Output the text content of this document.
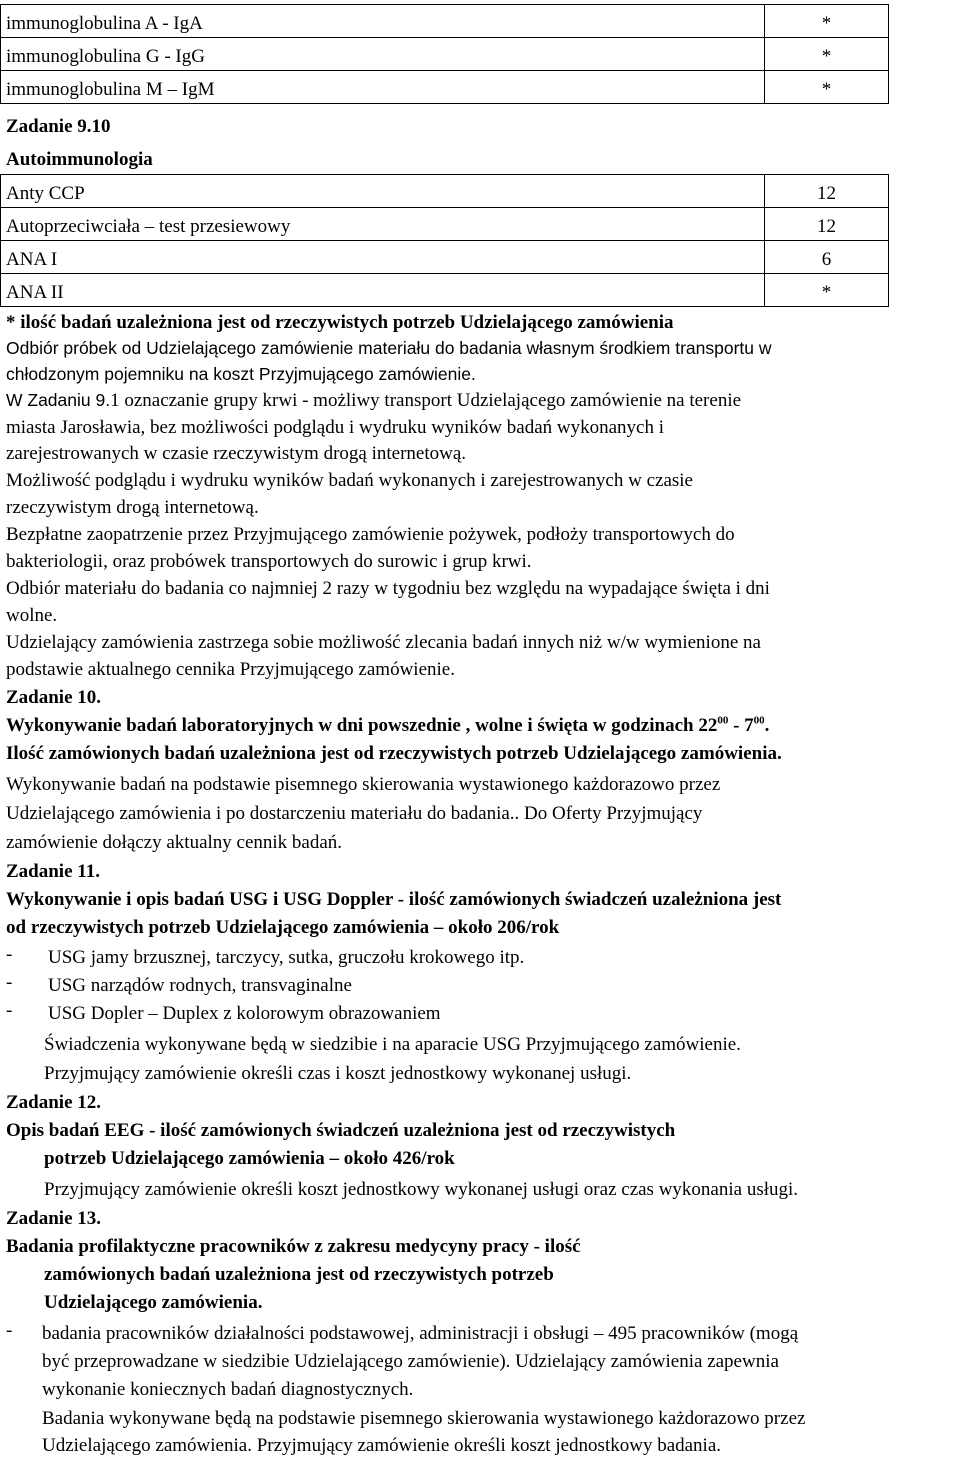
immunoglobulina A - IgA	*
immunoglobulina G - IgG	*
immunoglobulina M – IgM	*
Zadanie 9.10
Autoimmunologia
Anty CCP	12
Autoprzeciwciała – test przesiewowy	12
ANA I	6
ANA II	*
* ilość badań uzależniona jest od rzeczywistych potrzeb Udzielającego zamówienia
Odbiór próbek od Udzielającego zamówienie materiału do badania własnym środkiem transportu w
chłodzonym pojemniku na koszt Przyjmującego zamówienie.
W Zadaniu 9.1 oznaczanie grupy krwi - możliwy transport Udzielającego zamówienie na terenie
miasta Jarosławia, bez możliwości podglądu i wydruku wyników badań wykonanych i
zarejestrowanych w czasie rzeczywistym drogą internetową.
Możliwość podglądu i wydruku wyników badań wykonanych i zarejestrowanych w czasie
rzeczywistym drogą internetową.
Bezpłatne zaopatrzenie przez Przyjmującego zamówienie pożywek, podłoży transportowych do
bakteriologii, oraz probówek transportowych do surowic i grup krwi.
Odbiór materiału do badania co najmniej 2 razy w tygodniu bez względu na wypadające święta i dni
wolne.
Udzielający zamówienia zastrzega sobie możliwość zlecania badań innych niż w/w wymienione na
podstawie aktualnego cennika Przyjmującego zamówienie.
Zadanie 10.
Wykonywanie badań laboratoryjnych w dni powszednie , wolne i święta w godzinach $22^{00} - 7^{00}$.
Ilość zamówionych badań uzależniona jest od rzeczywistych potrzeb Udzielającego zamówienia.
Wykonywanie badań na podstawie pisemnego skierowania wystawionego każdorazowo przez
Udzielającego zamówienia i po dostarczeniu materiału do badania.. Do Oferty Przyjmujący
zamówienie dołączy aktualny cennik badań.
Zadanie 11.
Wykonywanie i opis badań USG i USG Doppler - ilość zamówionych świadczeń uzależniona jest
od rzeczywistych potrzeb Udzielającego zamówienia – około 206/rok
- USG jamy brzusznej, tarczycy, sutka, gruczołu krokowego itp.
- USG narządów rodnych, transvaginalne
- USG Dopler – Duplex z kolorowym obrazowaniem
Świadczenia wykonywane będą w siedzibie i na aparacie USG Przyjmującego zamówienie.
Przyjmujący zamówienie określi czas i koszt jednostkowy wykonanej usługi.
Zadanie 12.
Opis badań EEG - ilość zamówionych świadczeń uzależniona jest od rzeczywistych
potrzeb Udzielającego zamówienia – około 426/rok
Przyjmujący zamówienie określi koszt jednostkowy wykonanej usługi oraz czas wykonania usługi.
Zadanie 13.
Badania profilaktyczne pracowników z zakresu medycyny pracy - ilość
zamówionych badań uzależniona jest od rzeczywistych potrzeb
Udzielającego zamówienia.
- badania pracowników działalności podstawowej, administracji i obsługi – 495 pracowników (mogą
być przeprowadzane w siedzibie Udzielającego zamówienie). Udzielający zamówienia zapewnia
wykonanie koniecznych badań diagnostycznych.
Badania wykonywane będą na podstawie pisemnego skierowania wystawionego każdorazowo przez
Udzielającego zamówienia. Przyjmujący zamówienie określi koszt jednostkowy badania.
